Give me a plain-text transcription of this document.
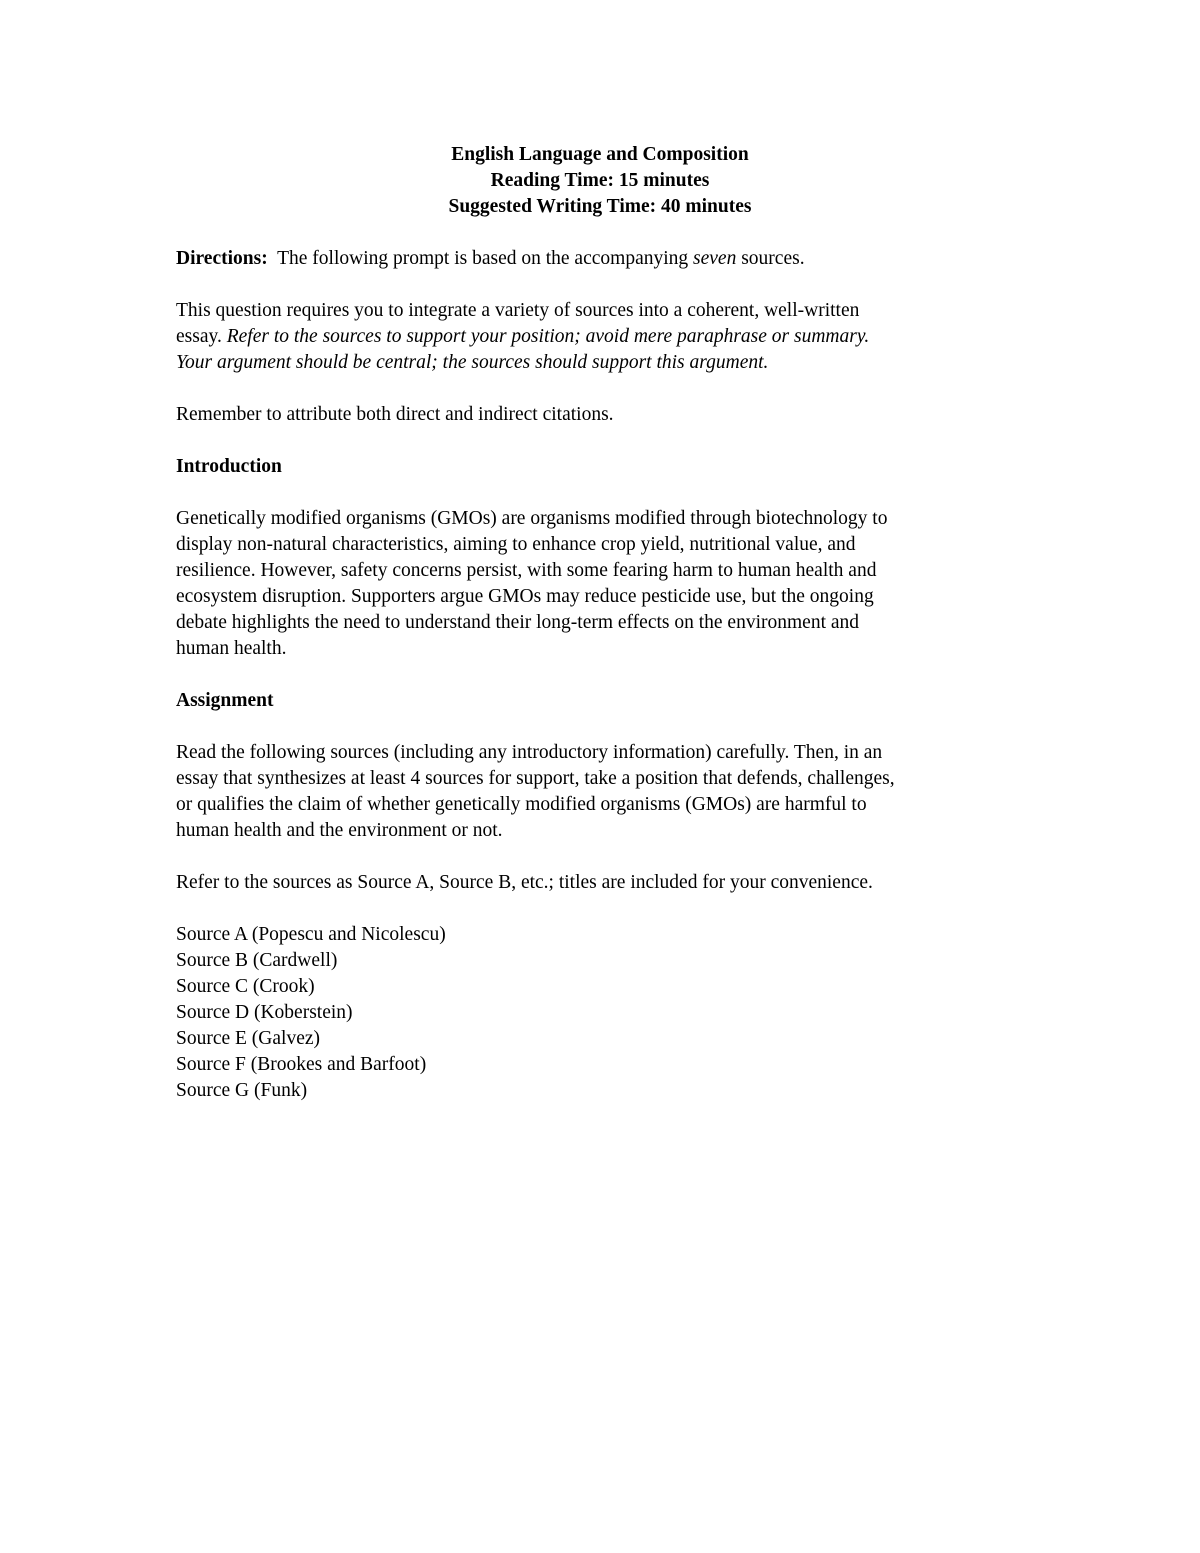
English Language and Composition
Reading Time: 15 minutes
Suggested Writing Time: 40 minutes

Directions: The following prompt is based on the accompanying seven sources.

This question requires you to integrate a variety of sources into a coherent, well-written
essay. Refer to the sources to support your position; avoid mere paraphrase or summary.
Your argument should be central; the sources should support this argument.

Remember to attribute both direct and indirect citations.

Introduction

Genetically modified organisms (GMOs) are organisms modified through biotechnology to
display non-natural characteristics, aiming to enhance crop yield, nutritional value, and
resilience. However, safety concerns persist, with some fearing harm to human health and
ecosystem disruption. Supporters argue GMOs may reduce pesticide use, but the ongoing
debate highlights the need to understand their long-term effects on the environment and
human health.

Assignment

Read the following sources (including any introductory information) carefully. Then, in an
essay that synthesizes at least 4 sources for support, take a position that defends, challenges,
or qualifies the claim of whether genetically modified organisms (GMOs) are harmful to
human health and the environment or not.

Refer to the sources as Source A, Source B, etc.; titles are included for your convenience.

Source A (Popescu and Nicolescu)
Source B (Cardwell)
Source C (Crook)
Source D (Koberstein)
Source E (Galvez)
Source F (Brookes and Barfoot)
Source G (Funk)
